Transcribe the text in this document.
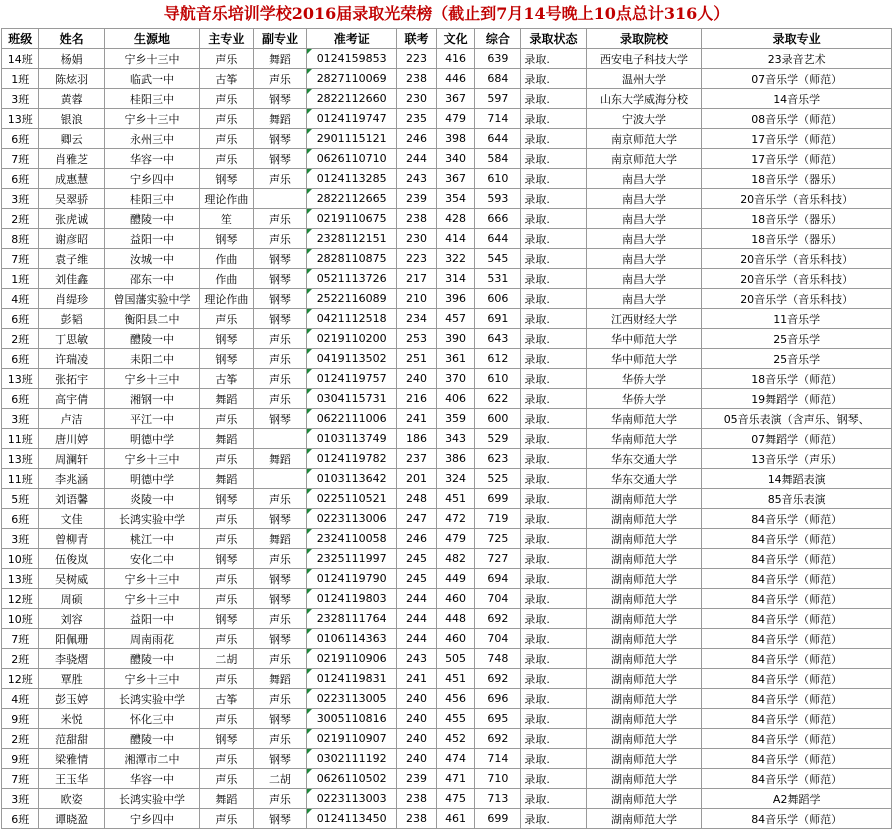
导航音乐培训学校2016届录取光荣榜（截止到7月14号晚上10点总计316人）
班级	姓名	生源地	主专业	副专业	准考证	联考	文化	综合	录取状态	录取院校	录取专业
14班	杨娟	宁乡十三中	声乐	舞蹈	0124159853	223	416	639	录取.	西安电子科技大学	23录音艺术
1班	陈炫羽	临武一中	古筝	声乐	2827110069	238	446	684	录取.	温州大学	07音乐学（师范）
3班	黄蓉	桂阳三中	声乐	钢琴	2822112660	230	367	597	录取.	山东大学威海分校	14音乐学
13班	银浪	宁乡十三中	声乐	舞蹈	0124119747	235	479	714	录取.	宁波大学	08音乐学（师范）
6班	卿云	永州三中	声乐	钢琴	2901115121	246	398	644	录取.	南京师范大学	17音乐学（师范）
7班	肖雅芝	华容一中	声乐	钢琴	0626110710	244	340	584	录取.	南京师范大学	17音乐学（师范）
6班	成惠慧	宁乡四中	钢琴	声乐	0124113285	243	367	610	录取.	南昌大学	18音乐学（器乐）
3班	吴翠骄	桂阳三中	理论作曲		2822112665	239	354	593	录取.	南昌大学	20音乐学（音乐科技）
2班	张虎诚	醴陵一中	笙	声乐	0219110675	238	428	666	录取.	南昌大学	18音乐学（器乐）
8班	谢彦昭	益阳一中	钢琴	声乐	2328112151	230	414	644	录取.	南昌大学	18音乐学（器乐）
7班	袁子维	汝城一中	作曲	钢琴	2828110875	223	322	545	录取.	南昌大学	20音乐学（音乐科技）
1班	刘佳鑫	邵东一中	作曲	钢琴	0521113726	217	314	531	录取.	南昌大学	20音乐学（音乐科技）
4班	肖缇珍	曾国藩实验中学	理论作曲	钢琴	2522116089	210	396	606	录取.	南昌大学	20音乐学（音乐科技）
6班	彭韬	衡阳县二中	声乐	钢琴	0421112518	234	457	691	录取.	江西财经大学	11音乐学
2班	丁思敏	醴陵一中	钢琴	声乐	0219110200	253	390	643	录取.	华中师范大学	25音乐学
6班	许瑞凌	耒阳二中	钢琴	声乐	0419113502	251	361	612	录取.	华中师范大学	25音乐学
13班	张拓宇	宁乡十三中	古筝	声乐	0124119757	240	370	610	录取.	华侨大学	18音乐学（师范）
6班	高宇倩	湘钢一中	舞蹈	声乐	0304115731	216	406	622	录取.	华侨大学	19舞蹈学（师范）
3班	卢洁	平江一中	声乐	钢琴	0622111006	241	359	600	录取.	华南师范大学	05音乐表演（含声乐、钢琴、
11班	唐川婷	明德中学	舞蹈		0103113749	186	343	529	录取.	华南师范大学	07舞蹈学（师范）
13班	周澜轩	宁乡十三中	声乐	舞蹈	0124119782	237	386	623	录取.	华东交通大学	13音乐学（声乐）
11班	李兆涵	明德中学	舞蹈		0103113642	201	324	525	录取.	华东交通大学	14舞蹈表演
5班	刘语馨	炎陵一中	钢琴	声乐	0225110521	248	451	699	录取.	湖南师范大学	85音乐表演
6班	文佳	长鸿实验中学	声乐	钢琴	0223113006	247	472	719	录取.	湖南师范大学	84音乐学（师范）
3班	曾柳青	桃江一中	声乐	舞蹈	2324110058	246	479	725	录取.	湖南师范大学	84音乐学（师范）
10班	伍俊岚	安化二中	钢琴	声乐	2325111997	245	482	727	录取.	湖南师范大学	84音乐学（师范）
13班	吴树威	宁乡十三中	声乐	钢琴	0124119790	245	449	694	录取.	湖南师范大学	84音乐学（师范）
12班	周硕	宁乡十三中	声乐	钢琴	0124119803	244	460	704	录取.	湖南师范大学	84音乐学（师范）
10班	刘容	益阳一中	钢琴	声乐	2328111764	244	448	692	录取.	湖南师范大学	84音乐学（师范）
7班	阳佩珊	周南雨花	声乐	钢琴	0106114363	244	460	704	录取.	湖南师范大学	84音乐学（师范）
2班	李骁熠	醴陵一中	二胡	声乐	0219110906	243	505	748	录取.	湖南师范大学	84音乐学（师范）
12班	覃胜	宁乡十三中	声乐	舞蹈	0124119831	241	451	692	录取.	湖南师范大学	84音乐学（师范）
4班	彭玉婷	长鸿实验中学	古筝	声乐	0223113005	240	456	696	录取.	湖南师范大学	84音乐学（师范）
9班	米悦	怀化三中	声乐	钢琴	3005110816	240	455	695	录取.	湖南师范大学	84音乐学（师范）
2班	范甜甜	醴陵一中	钢琴	声乐	0219110907	240	452	692	录取.	湖南师范大学	84音乐学（师范）
9班	梁雅情	湘潭市二中	声乐	钢琴	0302111192	240	474	714	录取.	湖南师范大学	84音乐学（师范）
7班	王玉华	华容一中	声乐	二胡	0626110502	239	471	710	录取.	湖南师范大学	84音乐学（师范）
3班	欧姿	长鸿实验中学	舞蹈	声乐	0223113003	238	475	713	录取.	湖南师范大学	A2舞蹈学
6班	谭晓盈	宁乡四中	声乐	钢琴	0124113450	238	461	699	录取.	湖南师范大学	84音乐学（师范）
